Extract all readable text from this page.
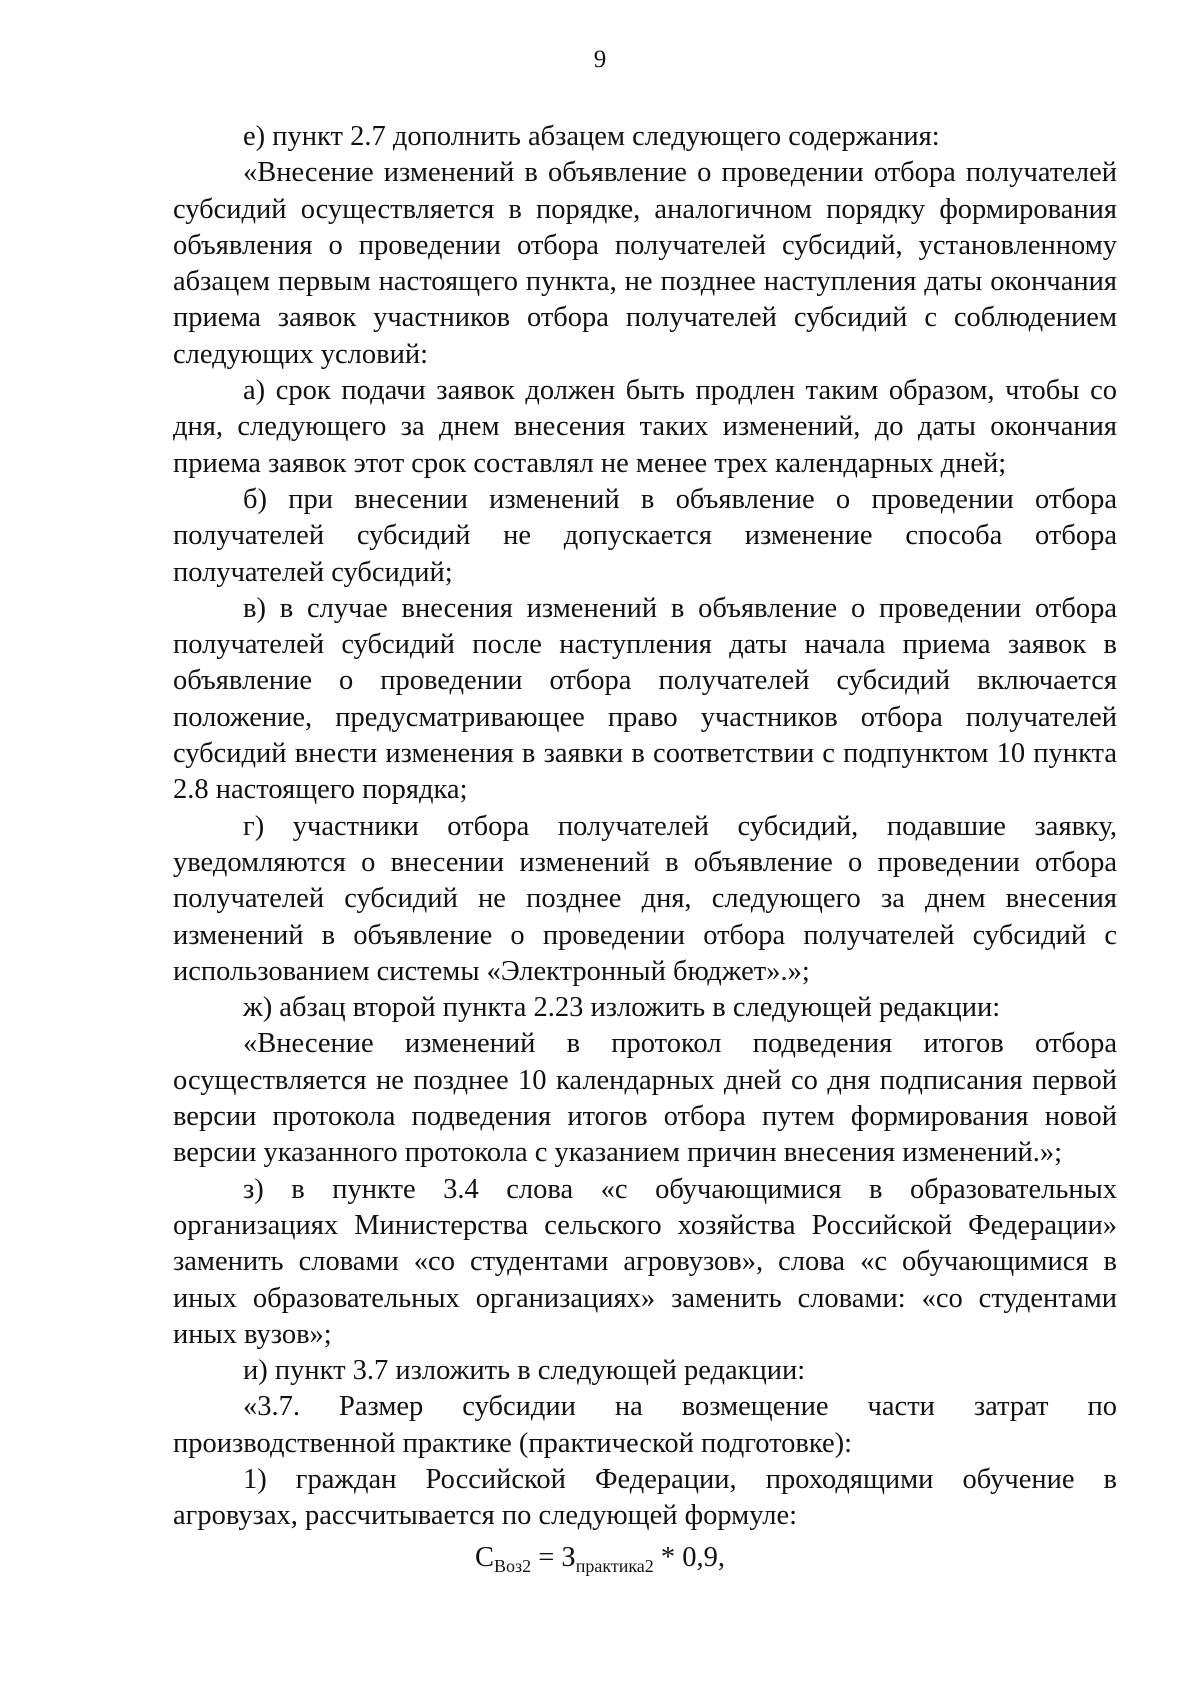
9

е) пункт 2.7 дополнить абзацем следующего содержания:

«Внесение изменений в объявление о проведении отбора получателей субсидий осуществляется в порядке, аналогичном порядку формирования объявления о проведении отбора получателей субсидий, установленному абзацем первым настоящего пункта, не позднее наступления даты окончания приема заявок участников отбора получателей субсидий с соблюдением следующих условий:

а) срок подачи заявок должен быть продлен таким образом, чтобы со дня, следующего за днем внесения таких изменений, до даты окончания приема заявок этот срок составлял не менее трех календарных дней;

б) при внесении изменений в объявление о проведении отбора получателей субсидий не допускается изменение способа отбора получателей субсидий;

в) в случае внесения изменений в объявление о проведении отбора получателей субсидий после наступления даты начала приема заявок в объявление о проведении отбора получателей субсидий включается положение, предусматривающее право участников отбора получателей субсидий внести изменения в заявки в соответствии с подпунктом 10 пункта 2.8 настоящего порядка;

г) участники отбора получателей субсидий, подавшие заявку, уведомляются о внесении изменений в объявление о проведении отбора получателей субсидий не позднее дня, следующего за днем внесения изменений в объявление о проведении отбора получателей субсидий с использованием системы «Электронный бюджет».»;

ж) абзац второй пункта 2.23 изложить в следующей редакции:

«Внесение изменений в протокол подведения итогов отбора осуществляется не позднее 10 календарных дней со дня подписания первой версии протокола подведения итогов отбора путем формирования новой версии указанного протокола с указанием причин внесения изменений.»;

з) в пункте 3.4 слова «с обучающимися в образовательных организациях Министерства сельского хозяйства Российской Федерации» заменить словами «со студентами агровузов», слова «с обучающимися в иных образовательных организациях» заменить словами: «со студентами иных вузов»;

и) пункт 3.7 изложить в следующей редакции:

«3.7. Размер субсидии на возмещение части затрат по производственной практике (практической подготовке):

1) граждан Российской Федерации, проходящими обучение в агровузах, рассчитывается по следующей формуле:

$С_{Воз2} = З_{практика2} * 0,9$,
